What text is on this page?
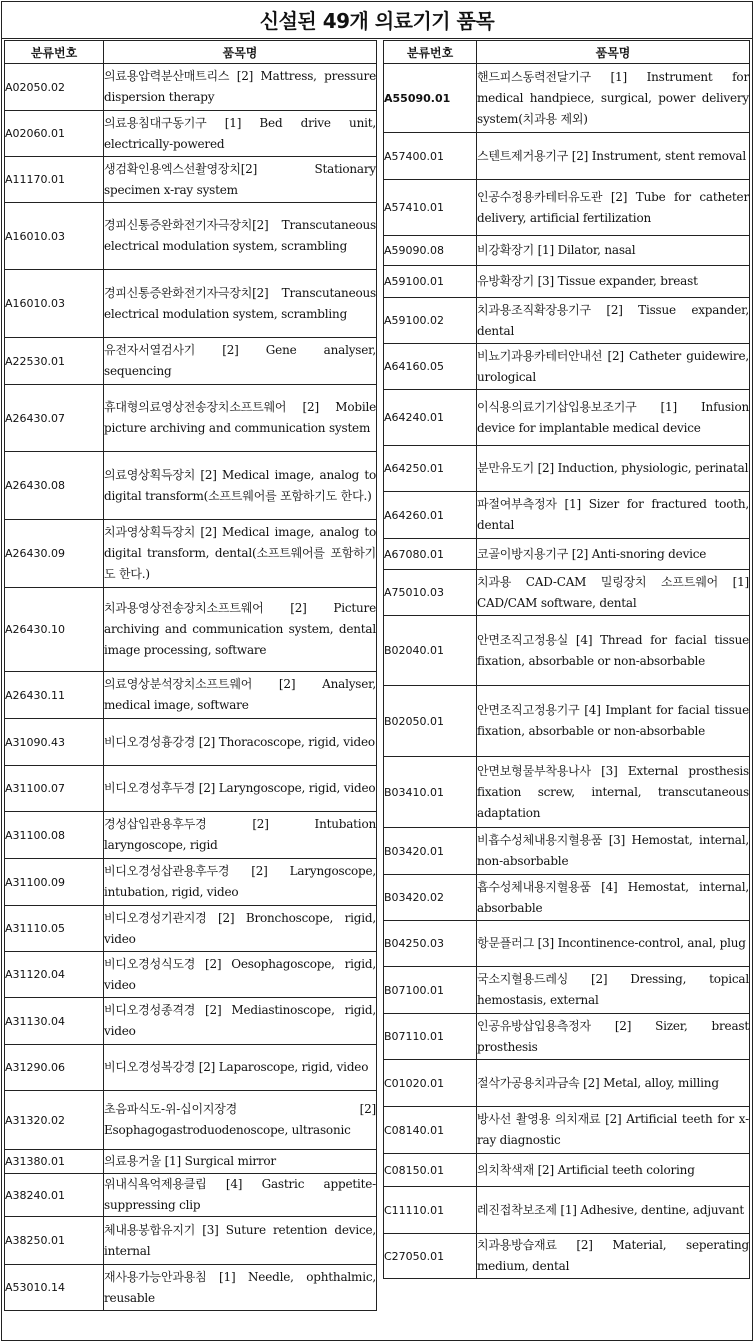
신설된 49개 의료기기 품목
분류번호	품목명
A02050.02	의료용압력분산매트리스 [2] Mattress, pressure dispersion therapy
A02060.01	의료용침대구동기구 [1] Bed drive unit, electrically-powered
A11170.01	생검확인용엑스선촬영장치[2] Stationary specimen x-ray system
A16010.03	경피신통증완화전기자극장치[2] Transcutaneous electrical modulation system, scrambling
A16010.03	경피신통증완화전기자극장치[2] Transcutaneous electrical modulation system, scrambling
A22530.01	유전자서열검사기 [2] Gene analyser, sequencing
A26430.07	휴대형의료영상전송장치소프트웨어 [2] Mobile picture archiving and communication system
A26430.08	의료영상획득장치 [2] Medical image, analog to digital transform(소프트웨어를 포함하기도 한다.)
A26430.09	치과영상획득장치 [2] Medical image, analog to digital transform, dental(소프트웨어를 포함하기도 한다.)
A26430.10	치과용영상전송장치소프트웨어 [2] Picture archiving and communication system, dental image processing, software
A26430.11	의료영상분석장치소프트웨어 [2] Analyser, medical image, software
A31090.43	비디오경성흉강경 [2] Thoracoscope, rigid, video
A31100.07	비디오경성후두경 [2] Laryngoscope, rigid, video
A31100.08	경성삽입관용후두경 [2] Intubation laryngoscope, rigid
A31100.09	비디오경성삽관용후두경 [2] Laryngoscope, intubation, rigid, video
A31110.05	비디오경성기관지경 [2] Bronchoscope, rigid, video
A31120.04	비디오경성식도경 [2] Oesophagoscope, rigid, video
A31130.04	비디오경성종격경 [2] Mediastinoscope, rigid, video
A31290.06	비디오경성복강경 [2] Laparoscope, rigid, video
A31320.02	초음파식도-위-십이지장경 [2] Esophagogastroduodenoscope, ultrasonic
A31380.01	의료용거울 [1] Surgical mirror
A38240.01	위내식욕억제용클립 [4] Gastric appetite-suppressing clip
A38250.01	체내용봉합유지기 [3] Suture retention device, internal
A53010.14	재사용가능안과용침 [1] Needle, ophthalmic, reusable
분류번호	품목명
A55090.01	핸드피스동력전달기구 [1] Instrument for medical handpiece, surgical, power delivery system(치과용 제외)
A57400.01	스텐트제거용기구 [2] Instrument, stent removal
A57410.01	인공수정용카테터유도관 [2] Tube for catheter delivery, artificial fertilization
A59090.08	비강확장기 [1] Dilator, nasal
A59100.01	유방확장기 [3] Tissue expander, breast
A59100.02	치과용조직확장용기구 [2] Tissue expander, dental
A64160.05	비뇨기과용카테터안내선 [2] Catheter guidewire, urological
A64240.01	이식용의료기기삽입용보조기구 [1] Infusion device for implantable medical device
A64250.01	분만유도기 [2] Induction, physiologic, perinatal
A64260.01	파절여부측정자 [1] Sizer for fractured tooth, dental
A67080.01	코골이방지용기구 [2] Anti-snoring device
A75010.03	치과용 CAD-CAM 밀링장치 소프트웨어 [1] CAD/CAM software, dental
B02040.01	안면조직고정용실 [4] Thread for facial tissue fixation, absorbable or non-absorbable
B02050.01	안면조직고정용기구 [4] Implant for facial tissue fixation, absorbable or non-absorbable
B03410.01	안면보형물부착용나사 [3] External prosthesis fixation screw, internal, transcutaneous adaptation
B03420.01	비흡수성체내용지혈용품 [3] Hemostat, internal, non-absorbable
B03420.02	흡수성체내용지혈용품 [4] Hemostat, internal, absorbable
B04250.03	항문플러그 [3] Incontinence-control, anal, plug
B07100.01	국소지혈용드레싱 [2] Dressing, topical hemostasis, external
B07110.01	인공유방삽입용측정자 [2] Sizer, breast prosthesis
C01020.01	절삭가공용치과금속 [2] Metal, alloy, milling
C08140.01	방사선 촬영용 의치재료 [2] Artificial teeth for x-ray diagnostic
C08150.01	의치착색재 [2] Artificial teeth coloring
C11110.01	레진접착보조제 [1] Adhesive, dentine, adjuvant
C27050.01	치과용방습재료 [2] Material, seperating medium, dental
